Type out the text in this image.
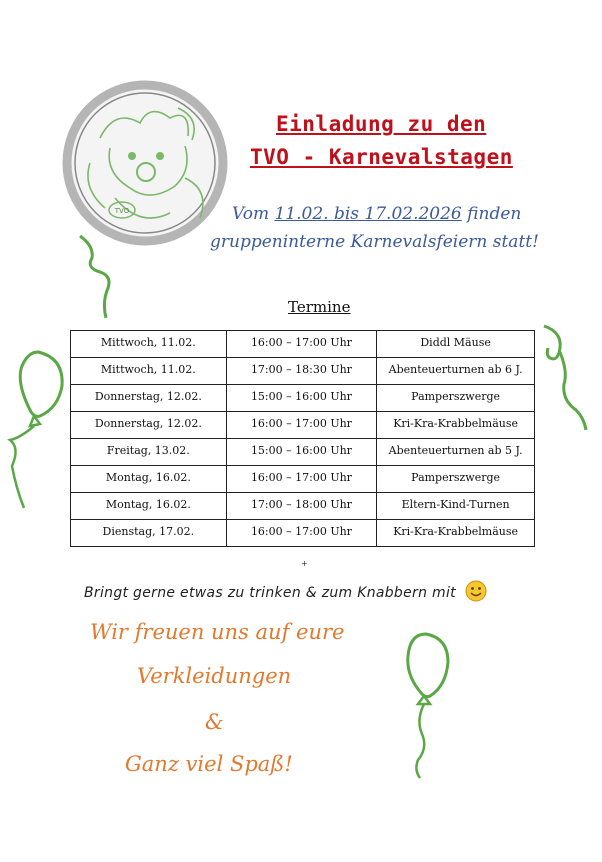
TVO
Einladung zu den
TVO - Karnevalstagen
Vom 11.02. bis 17.02.2026 finden
gruppeninterne Karnevalsfeiern statt!
Termine
Mittwoch, 11.02.	16:00 – 17:00 Uhr	Diddl Mäuse
Mittwoch, 11.02.	17:00 – 18:30 Uhr	Abenteuerturnen ab 6 J.
Donnerstag, 12.02.	15:00 – 16:00 Uhr	Pamperszwerge
Donnerstag, 12.02.	16:00 – 17:00 Uhr	Kri-Kra-Krabbelmäuse
Freitag, 13.02.	15:00 – 16:00 Uhr	Abenteuerturnen ab 5 J.
Montag, 16.02.	16:00 – 17:00 Uhr	Pamperszwerge
Montag, 16.02.	17:00 – 18:00 Uhr	Eltern-Kind-Turnen
Dienstag, 17.02.	16:00 – 17:00 Uhr	Kri-Kra-Krabbelmäuse
+
Bringt gerne etwas zu trinken & zum Knabbern mit
Wir freuen uns auf eure
Verkleidungen
&
Ganz viel Spaß!
